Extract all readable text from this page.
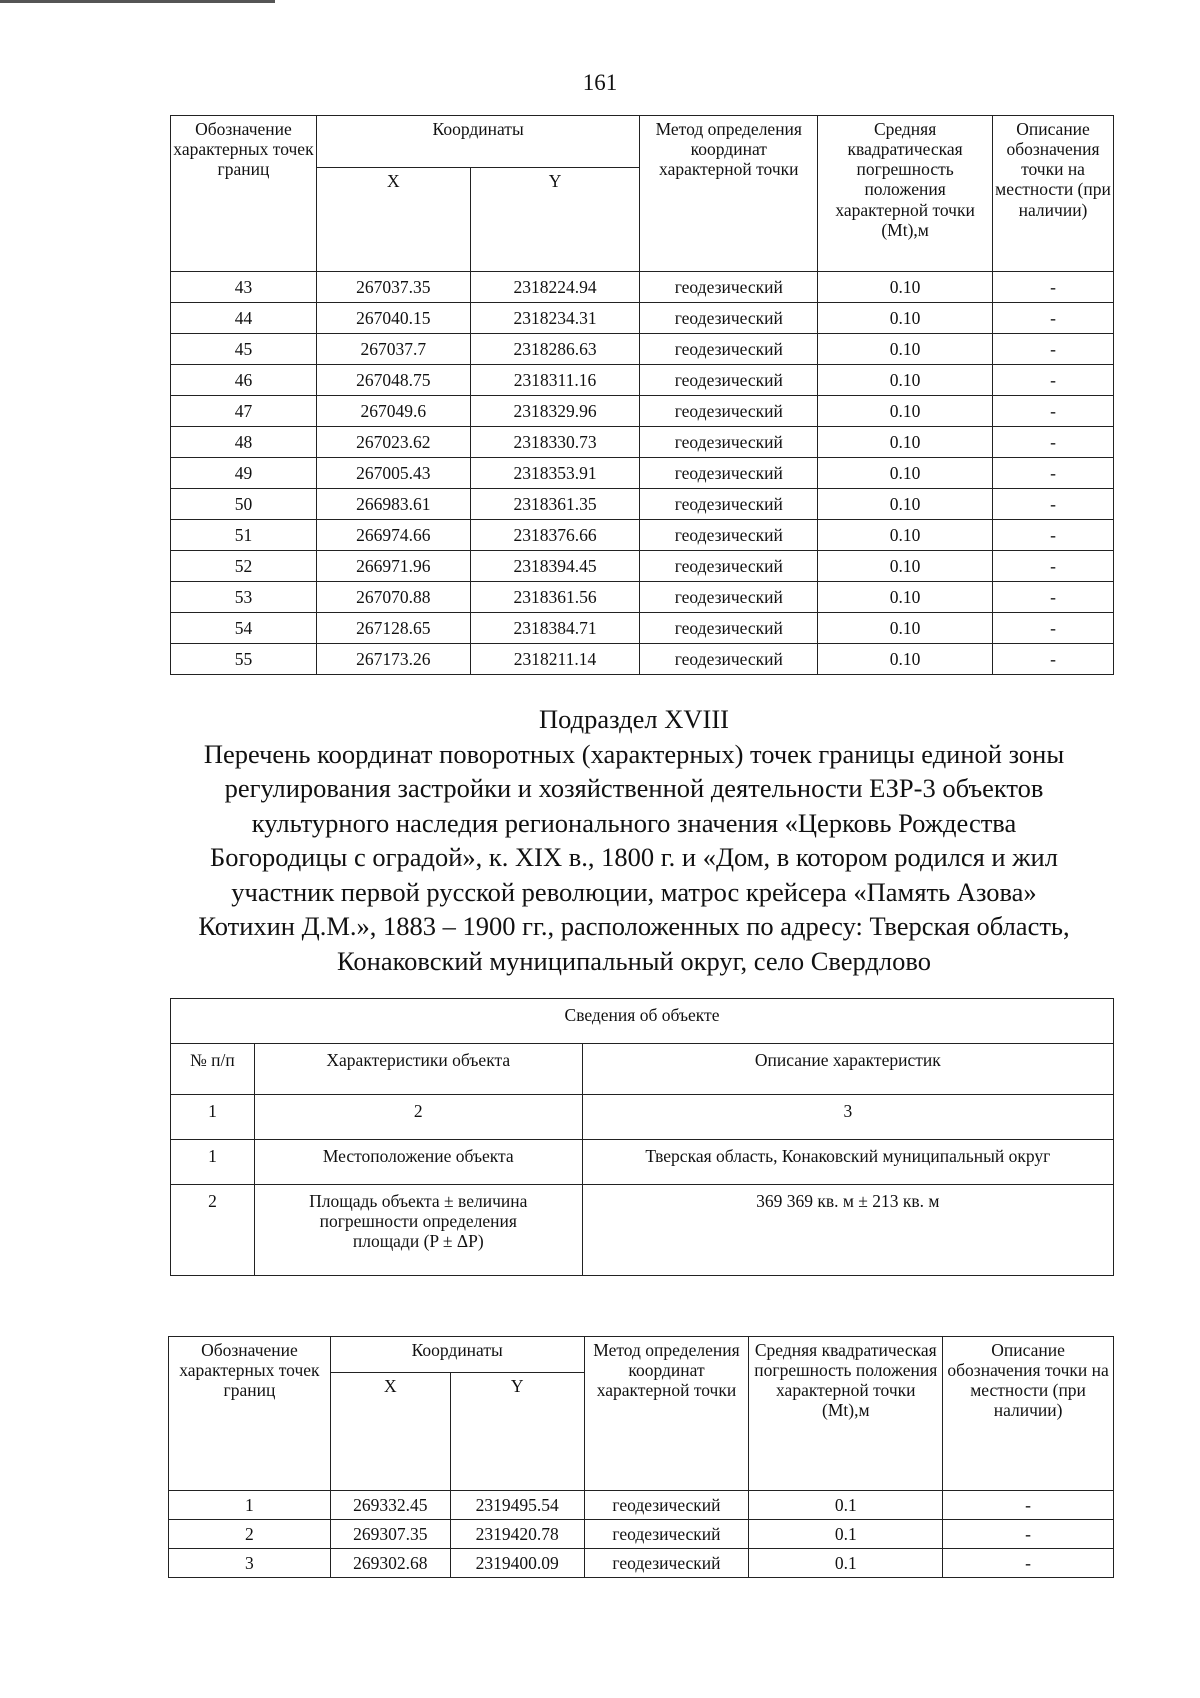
161
Обозначение характерных точек границ	Координаты		Метод определения координат характерной точки	Средняя квадратическая погрешность положения характерной точки (Mt),м	Описание обозначения точки на местности (при наличии)
	X	Y			
43	267037.35	2318224.94	геодезический	0.10	-
44	267040.15	2318234.31	геодезический	0.10	-
45	267037.7	2318286.63	геодезический	0.10	-
46	267048.75	2318311.16	геодезический	0.10	-
47	267049.6	2318329.96	геодезический	0.10	-
48	267023.62	2318330.73	геодезический	0.10	-
49	267005.43	2318353.91	геодезический	0.10	-
50	266983.61	2318361.35	геодезический	0.10	-
51	266974.66	2318376.66	геодезический	0.10	-
52	266971.96	2318394.45	геодезический	0.10	-
53	267070.88	2318361.56	геодезический	0.10	-
54	267128.65	2318384.71	геодезический	0.10	-
55	267173.26	2318211.14	геодезический	0.10	-
Подраздел XVIII
Перечень координат поворотных (характерных) точек границы единой зоны
регулирования застройки и хозяйственной деятельности ЕЗР-3 объектов
культурного наследия регионального значения «Церковь Рождества
Богородицы с оградой», к. XIX в., 1800 г. и «Дом, в котором родился и жил
участник первой русской революции, матрос крейсера «Память Азова»
Котихин Д.М.», 1883 – 1900 гг., расположенных по адресу: Тверская область,
Конаковский муниципальный округ, село Свердлово
Сведения об объекте		
№ п/п	Характеристики объекта	Описание характеристик
1	2	3
1	Местоположение объекта	Тверская область, Конаковский муниципальный округ
2	Площадь объекта ± величина погрешности определения площади (P ± ΔP)	369 369 кв. м ± 213 кв. м
Обозначение характерных точек границ	Координаты		Метод определения координат характерной точки	Средняя квадратическая погрешность положения характерной точки (Mt),м	Описание обозначения точки на местности (при наличии)
	X	Y			
1	269332.45	2319495.54	геодезический	0.1	-
2	269307.35	2319420.78	геодезический	0.1	-
3	269302.68	2319400.09	геодезический	0.1	-
